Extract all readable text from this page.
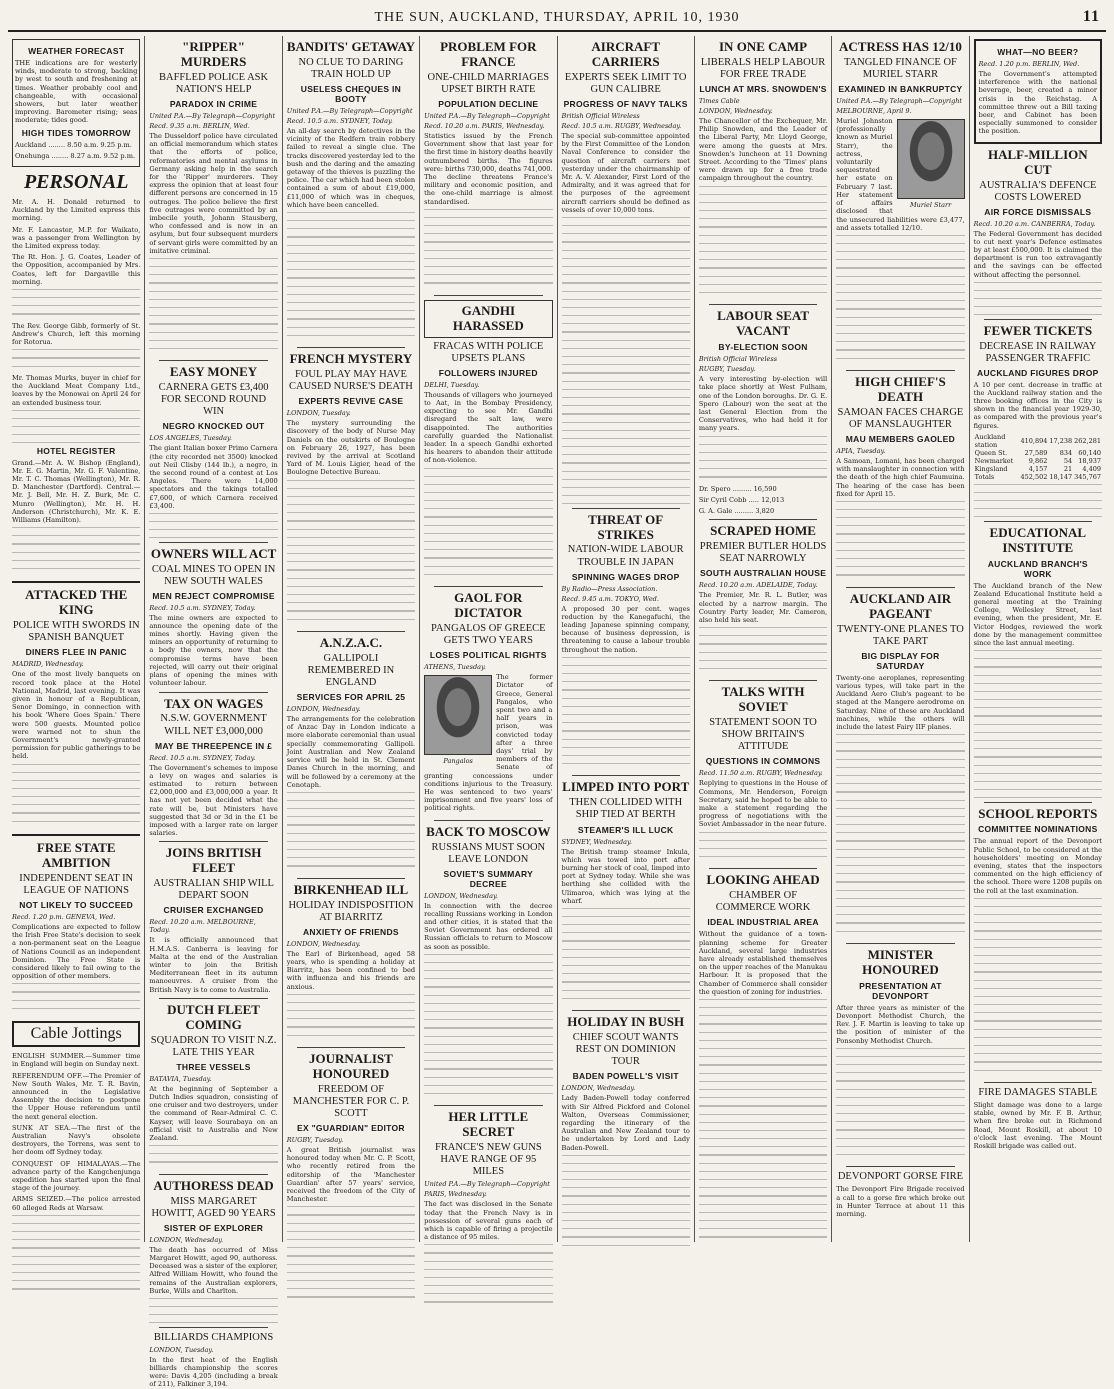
THE SUN, AUCKLAND, THURSDAY, APRIL 10, 1930	11
WEATHER FORECAST

THE indications are for westerly winds, moderate to strong, backing by west to south and freshening at times. Weather probably cool and changeable, with occasional showers, but later weather improving. Barometer rising; seas moderate; tides good.

HIGH TIDES TOMORROW

Auckland ........ 8.50 a.m. 9.25 p.m.

Onehunga ........ 8.27 a.m. 9.52 p.m.

PERSONAL

Mr. A. H. Donald returned to Auckland by the Limited express this morning.

Mr. F. Lancaster, M.P. for Waikato, was a passenger from Wellington by the Limited express today.

The Rt. Hon. J. G. Coates, Leader of the Opposition, accompanied by Mrs. Coates, left for Dargaville this morning.

The Rev. George Gibb, formerly of St. Andrew's Church, left this morning for Rotorua.

Mr. Thomas Murks, buyer in chief for the Auckland Meat Company Ltd., leaves by the Monowai on April 24 for an extended business tour.

HOTEL REGISTER

Grand.—Mr. A. W. Bishop (England), Mr. E. G. Martin, Mr. G. F. Valentine, Mr. T. C. Thomas (Wellington), Mr. R. D. Manchester (Dartford). Central.—Mr. J. Bell, Mr. H. Z. Burk, Mr. C. Munro (Wellington), Mr. H. H. Anderson (Christchurch), Mr. K. E. Williams (Hamilton).

ATTACKED THE KING
POLICE WITH SWORDS IN SPANISH BANQUET
DINERS FLEE IN PANIC

MADRID, Wednesday.

One of the most lively banquets on record took place at the Hotel National, Madrid, last evening. It was given in honour of a Republican, Senor Domingo, in connection with his book 'Where Goes Spain.' There were 500 guests. Mounted police were warned not to shun the Government's newly-granted permission for public gatherings to be held.

FREE STATE AMBITION
INDEPENDENT SEAT IN LEAGUE OF NATIONS
NOT LIKELY TO SUCCEED

Recd. 1.20 p.m. GENEVA, Wed.

Complications are expected to follow the Irish Free State's decision to seek a non-permanent seat on the League of Nations Council as an independent Dominion. The Free State is considered likely to fail owing to the opposition of other members.

Cable Jottings

ENGLISH SUMMER.—Summer time in England will begin on Sunday next.

REFERENDUM OFF.—The Premier of New South Wales, Mr. T. R. Bavin, announced in the Legislative Assembly the decision to postpone the Upper House referendum until the next general election.

SUNK AT SEA.—The first of the Australian Navy's obsolete destroyers, the Torrens, was sent to her doom off Sydney today.

CONQUEST OF HIMALAYAS.—The advance party of the Kangchenjunga expedition has started upon the final stage of the journey.

ARMS SEIZED.—The police arrested 60 alleged Reds at Warsaw.

"RIPPER" MURDERS
BAFFLED POLICE ASK NATION'S HELP
PARADOX IN CRIME

United P.A.—By Telegraph—Copyright

Recd. 9.35 a.m. BERLIN, Wed.

The Dusseldorf police have circulated an official memorandum which states that the efforts of police, reformatories and mental asylums in Germany asking help in the search for the 'Ripper' murderers. They express the opinion that at least four different persons are concerned in 15 outrages. The police believe the first five outrages were committed by an imbecile youth, Johann Stausberg, who confessed and is now in an asylum, but four subsequent murders of servant girls were committed by an imitative criminal.

EASY MONEY
CARNERA GETS £3,400 FOR SECOND ROUND WIN
NEGRO KNOCKED OUT

LOS ANGELES, Tuesday.

The giant Italian boxer Primo Carnera (the city recorded net 3500) knocked out Neil Clisby (144 lb.), a negro, in the second round of a contest at Los Angeles. There were 14,000 spectators and the takings totalled £7,600, of which Carnera received £3,400.

OWNERS WILL ACT
COAL MINES TO OPEN IN NEW SOUTH WALES
MEN REJECT COMPROMISE

Recd. 10.5 a.m. SYDNEY, Today.

The mine owners are expected to announce the opening date of the mines shortly. Having given the miners an opportunity of returning to a body the owners, now that the compromise terms have been rejected, will carry out their original plans of opening the mines with volunteer labour.

TAX ON WAGES
N.S.W. GOVERNMENT WILL NET £3,000,000
MAY BE THREEPENCE IN £

Recd. 10.5 a.m. SYDNEY, Today.

The Government's schemes to impose a levy on wages and salaries is estimated to return between £2,000,000 and £3,000,000 a year. It has not yet been decided what the rate will be, but Ministers have suggested that 3d or 3d in the £1 be imposed with a larger rate on larger salaries.

JOINS BRITISH FLEET
AUSTRALIAN SHIP WILL DEPART SOON
CRUISER EXCHANGED

Recd. 10.20 a.m. MELBOURNE, Today.

It is officially announced that H.M.A.S. Canberra is leaving for Malta at the end of the Australian winter to join the British Mediterranean fleet in its autumn manoeuvres. A cruiser from the British Navy is to come to Australia.

DUTCH FLEET COMING
SQUADRON TO VISIT N.Z. LATE THIS YEAR
THREE VESSELS

BATAVIA, Tuesday.

At the beginning of September a Dutch Indies squadron, consisting of one cruiser and two destroyers, under the command of Rear-Admiral C. C. Kayser, will leave Sourabaya on an official visit to Australia and New Zealand.

AUTHORESS DEAD
MISS MARGARET HOWITT, AGED 90 YEARS
SISTER OF EXPLORER

LONDON, Wednesday.

The death has occurred of Miss Margaret Howitt, aged 90, authoress. Deceased was a sister of the explorer, Alfred William Howitt, who found the remains of the Australian explorers, Burke, Wills and Charlton.

BILLIARDS CHAMPIONS

LONDON, Tuesday.

In the first heat of the English billiards championship the scores were: Davis 4,205 (including a break of 211), Falkiner 3,194.

BANDITS' GETAWAY
NO CLUE TO DARING TRAIN HOLD UP
USELESS CHEQUES IN BOOTY

United P.A.—By Telegraph—Copyright

Recd. 10.5 a.m. SYDNEY, Today.

An all-day search by detectives in the vicinity of the Redfern train robbery failed to reveal a single clue. The tracks discovered yesterday led to the bush and the daring and the amazing getaway of the thieves is puzzling the police. The car which had been stolen contained a sum of about £19,000, £11,000 of which was in cheques, which have been cancelled.

FRENCH MYSTERY
FOUL PLAY MAY HAVE CAUSED NURSE'S DEATH
EXPERTS REVIVE CASE

LONDON, Tuesday.

The mystery surrounding the discovery of the body of Nurse May Daniels on the outskirts of Boulogne on February 26, 1927, has been revived by the arrival at Scotland Yard of M. Louis Ligier, head of the Boulogne Detective Bureau.

A.N.Z.A.C.
GALLIPOLI REMEMBERED IN ENGLAND
SERVICES FOR APRIL 25

LONDON, Wednesday.

The arrangements for the celebration of Anzac Day in London indicate a more elaborate ceremonial than usual specially commemorating Gallipoli. Joint Australian and New Zealand service will be held in St. Clement Danes Church in the morning, and will be followed by a ceremony at the Cenotaph.

BIRKENHEAD ILL
HOLIDAY INDISPOSITION AT BIARRITZ
ANXIETY OF FRIENDS

LONDON, Wednesday.

The Earl of Birkenhead, aged 58 years, who is spending a holiday at Biarritz, has been confined to bed with influenza and his friends are anxious.

JOURNALIST HONOURED
FREEDOM OF MANCHESTER FOR C. P. SCOTT
EX "GUARDIAN" EDITOR

RUGBY, Tuesday.

A great British journalist was honoured today when Mr. C. P. Scott, who recently retired from the editorship of the 'Manchester Guardian' after 57 years' service, received the freedom of the City of Manchester.

PROBLEM FOR FRANCE
ONE-CHILD MARRIAGES UPSET BIRTH RATE
POPULATION DECLINE

United P.A.—By Telegraph—Copyright

Recd. 10.20 a.m. PARIS, Wednesday.

Statistics issued by the French Government show that last year for the first time in history deaths heavily outnumbered births. The figures were: births 730,000, deaths 741,000. The decline threatens France's military and economic position, and the one-child marriage is almost standardised.

GANDHI HARASSED
FRACAS WITH POLICE UPSETS PLANS
FOLLOWERS INJURED

DELHI, Tuesday.

Thousands of villagers who journeyed to Aat, in the Bombay Presidency, expecting to see Mr. Gandhi disregard the salt law, were disappointed. The authorities carefully guarded the Nationalist leader. In a speech Gandhi exhorted his hearers to abandon their attitude of non-violence.

GAOL FOR DICTATOR
PANGALOS OF GREECE GETS TWO YEARS
LOSES POLITICAL RIGHTS

ATHENS, Tuesday.

Pangalos

The former Dictator of Greece, General Pangalos, who spent two and a half years in prison, was convicted today after a three days' trial by members of the Senate of granting concessions under conditions injurious to the Treasury. He was sentenced to two years' imprisonment and five years' loss of political rights.

BACK TO MOSCOW
RUSSIANS MUST SOON LEAVE LONDON
SOVIET'S SUMMARY DECREE

LONDON, Wednesday.

In connection with the decree recalling Russians working in London and other cities, it is stated that the Soviet Government has ordered all Russian officials to return to Moscow as soon as possible.

HER LITTLE SECRET
FRANCE'S NEW GUNS HAVE RANGE OF 95 MILES

United P.A.—By Telegraph—Copyright

PARIS, Wednesday.

The fact was disclosed in the Senate today that the French Navy is in possession of several guns each of which is capable of firing a projectile a distance of 95 miles.

AIRCRAFT CARRIERS
EXPERTS SEEK LIMIT TO GUN CALIBRE
PROGRESS OF NAVY TALKS

British Official Wireless

Recd. 10.5 a.m. RUGBY, Wednesday.

The special sub-committee appointed by the First Committee of the London Naval Conference to consider the question of aircraft carriers met yesterday under the chairmanship of Mr. A. V. Alexander, First Lord of the Admiralty, and it was agreed that for the purposes of the agreement aircraft carriers should be defined as vessels of over 10,000 tons.

THREAT OF STRIKES
NATION-WIDE LABOUR TROUBLE IN JAPAN
SPINNING WAGES DROP

By Radio—Press Association.

Recd. 9.45 a.m. TOKYO, Wed.

A proposed 30 per cent. wages reduction by the Kanegafuchi, the leading Japanese spinning company, because of business depression, is threatening to cause a labour trouble throughout the nation.

LIMPED INTO PORT
THEN COLLIDED WITH SHIP TIED AT BERTH
STEAMER'S ILL LUCK

SYDNEY, Wednesday.

The British tramp steamer Inkula, which was towed into port after burning her stock of coal, limped into port at Sydney today. While she was berthing she collided with the Ulimaroa, which was lying at the wharf.

HOLIDAY IN BUSH
CHIEF SCOUT WANTS REST ON DOMINION TOUR
BADEN POWELL'S VISIT

LONDON, Wednesday.

Lady Baden-Powell today conferred with Sir Alfred Pickford and Colonel Walton, Overseas Commissioner, regarding the itinerary of the Australian and New Zealand tour to be undertaken by Lord and Lady Baden-Powell.

IN ONE CAMP
LIBERALS HELP LABOUR FOR FREE TRADE
LUNCH AT MRS. SNOWDEN'S

Times Cable

LONDON, Wednesday.

The Chancellor of the Exchequer, Mr. Philip Snowden, and the Leader of the Liberal Party, Mr. Lloyd George, were among the guests at Mrs. Snowden's luncheon at 11 Downing Street. According to the 'Times' plans were drawn up for a free trade campaign throughout the country.

LABOUR SEAT VACANT
BY-ELECTION SOON

British Official Wireless

RUGBY, Tuesday.

A very interesting by-election will take place shortly at West Fulham, one of the London boroughs. Dr. G. E. Spero (Labour) won the seat at the last General Election from the Conservatives, who had held it for many years.

Dr. Spero ......... 16,590

Sir Cyril Cobb ..... 12,013

G. A. Gale ......... 3,820

SCRAPED HOME
PREMIER BUTLER HOLDS SEAT NARROWLY
SOUTH AUSTRALIAN HOUSE

Recd. 10.20 a.m. ADELAIDE, Today.

The Premier, Mr. R. L. Butler, was elected by a narrow margin. The Country Party leader, Mr. Cameron, also held his seat.

TALKS WITH SOVIET
STATEMENT SOON TO SHOW BRITAIN'S ATTITUDE
QUESTIONS IN COMMONS

Recd. 11.50 a.m. RUGBY, Wednesday.

Replying to questions in the House of Commons, Mr. Henderson, Foreign Secretary, said he hoped to be able to make a statement regarding the progress of negotiations with the Soviet Ambassador in the near future.

LOOKING AHEAD
CHAMBER OF COMMERCE WORK
IDEAL INDUSTRIAL AREA

Without the guidance of a town-planning scheme for Greater Auckland, several large industries have already established themselves on the upper reaches of the Manukau Harbour. It is proposed that the Chamber of Commerce shall consider the question of zoning for industries.

ACTRESS HAS 12/10
TANGLED FINANCE OF MURIEL STARR
EXAMINED IN BANKRUPTCY

United P.A.—By Telegraph—Copyright

MELBOURNE, April 9.

Muriel Starr

Muriel Johnston (professionally known as Muriel Starr), the actress, voluntarily sequestrated her estate on February 7 last. Her statement of affairs disclosed that the unsecured liabilities were £3,477, and assets totalled 12/10.

HIGH CHIEF'S DEATH
SAMOAN FACES CHARGE OF MANSLAUGHTER
MAU MEMBERS GAOLED

APIA, Tuesday.

A Samoan, Lomani, has been charged with manslaughter in connection with the death of the high chief Faumuina. The hearing of the case has been fixed for April 15.

AUCKLAND AIR PAGEANT
TWENTY-ONE PLANES TO TAKE PART
BIG DISPLAY FOR SATURDAY

Twenty-one aeroplanes, representing various types, will take part in the Auckland Aero Club's pageant to be staged at the Mangere aerodrome on Saturday. Nine of these are Auckland machines, while the others will include the latest Fairy IIF planes.

MINISTER HONOURED
PRESENTATION AT DEVONPORT

After three years as minister of the Devonport Methodist Church, the Rev. J. F. Martin is leaving to take up the position of minister of the Ponsonby Methodist Church.

DEVONPORT GORSE FIRE

The Devonport Fire Brigade received a call to a gorse fire which broke out in Hunter Terrace at about 11 this morning.

WHAT—NO BEER?

Recd. 1.20 p.m. BERLIN, Wed.

The Government's attempted interference with the national beverage, beer, created a minor crisis in the Reichstag. A committee threw out a Bill taxing beer, and Cabinet has been especially summoned to consider the position.

HALF-MILLION CUT
AUSTRALIA'S DEFENCE COSTS LOWERED
AIR FORCE DISMISSALS

Recd. 10.20 a.m. CANBERRA, Today.

The Federal Government has decided to cut next year's Defence estimates by at least £500,000. It is claimed the department is run too extravagantly and the savings can be effected without affecting the personnel.

FEWER TICKETS
DECREASE IN RAILWAY PASSENGER TRAFFIC
AUCKLAND FIGURES DROP

A 10 per cent. decrease in traffic at the Auckland railway station and the three booking offices in the City is shown in the financial year 1929-30, as compared with the previous year's figures.

Auckland station	410,894	17,238	262,281
Queen St.	27,589	834	60,140
Newmarket	9,862	54	18,937
Kingsland	4,157	21	4,409
Totals	452,502	18,147	345,767
EDUCATIONAL INSTITUTE
AUCKLAND BRANCH'S WORK

The Auckland branch of the New Zealand Educational Institute held a general meeting at the Training College, Wellesley Street, last evening, when the president, Mr. E. Victor Hodges, reviewed the work done by the management committee since the last annual meeting.

SCHOOL REPORTS
COMMITTEE NOMINATIONS

The annual report of the Devonport Public School, to be considered at the householders' meeting on Monday evening, states that the inspectors commented on the high efficiency of the school. There were 1208 pupils on the roll at the last examination.

FIRE DAMAGES STABLE

Slight damage was done to a large stable, owned by Mr. F. B. Arthur, when fire broke out in Richmond Road, Mount Roskill, at about 10 o'clock last evening. The Mount Roskill brigade was called out.
